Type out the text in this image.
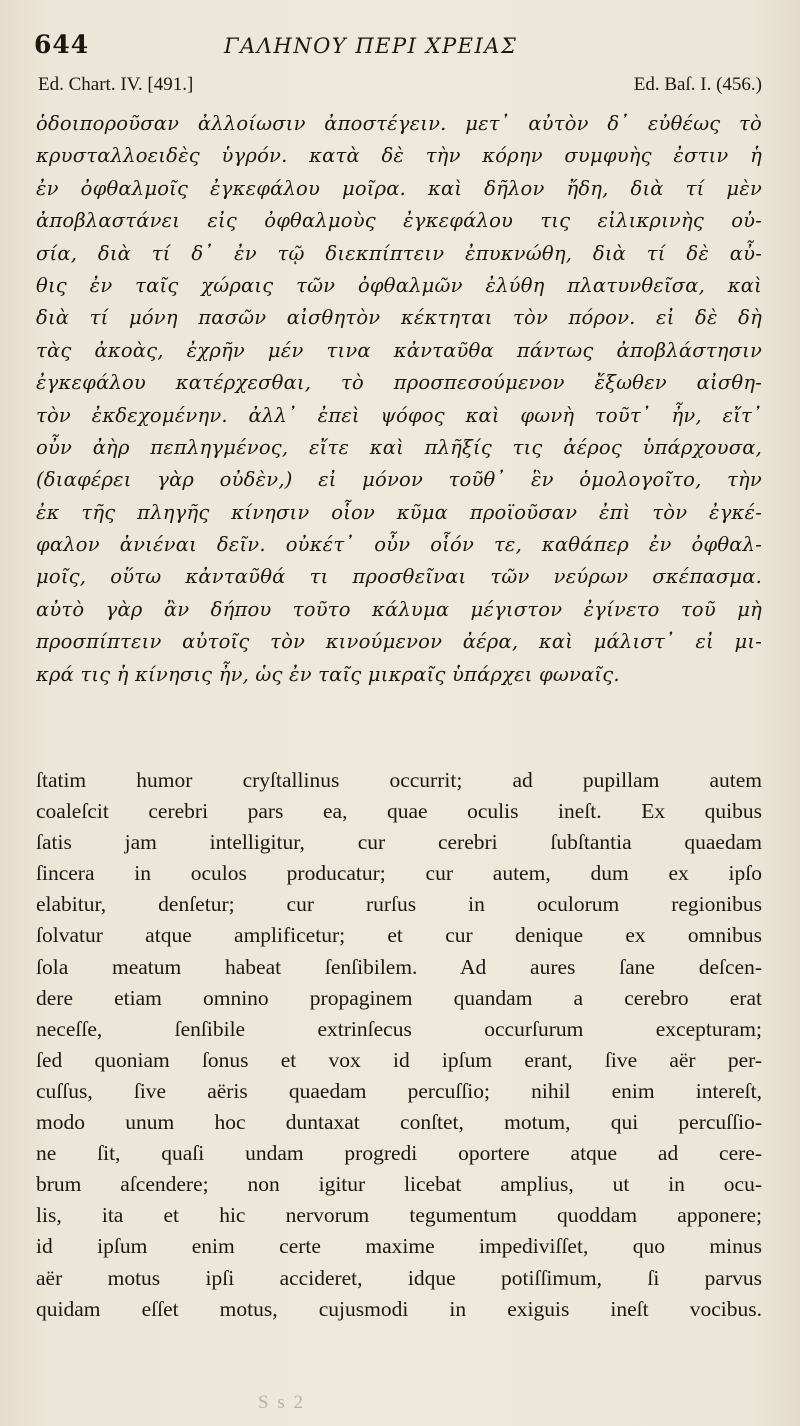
644	ΓΑΛΗΝΟΥ ΠΕΡΙ ΧΡΕΙΑΣ
Ed. Chart. IV. [491.]	Ed. Baſ. I. (456.)
ὁδοιποροῦσαν ἀλλοίωσιν ἀποστέγειν. μετ᾿ αὐτὸν δ᾿ εὐθέως τὸ
κρυσταλλοειδὲς ὑγρόν. κατὰ δὲ τὴν κόρην συμφυὴς ἐστιν ἡ
ἐν ὀφθαλμοῖς ἐγκεφάλου μοῖρα. καὶ δῆλον ἤδη, διὰ τί μὲν
ἀποβλαστάνει εἰς ὀφθαλμοὺς ἐγκεφάλου τις εἰλικρινὴς οὐ-
σία, διὰ τί δ᾿ ἐν τῷ διεκπίπτειν ἐπυκνώθη, διὰ τί δὲ αὖ-
θις ἐν ταῖς χώραις τῶν ὀφθαλμῶν ἐλύθη πλατυνθεῖσα, καὶ
διὰ τί μόνη πασῶν αἰσθητὸν κέκτηται τὸν πόρον. εἰ δὲ δὴ
τὰς ἀκοὰς, ἐχρῆν μέν τινα κἀνταῦθα πάντως ἀποβλάστησιν
ἐγκεφάλου κατέρχεσθαι, τὸ προσπεσούμενον ἔξωθεν αἰσθη-
τὸν ἐκδεχομένην. ἀλλ᾿ ἐπεὶ ψόφος καὶ φωνὴ τοῦτ᾿ ἦν, εἴτ᾿
οὖν ἀὴρ πεπληγμένος, εἴτε καὶ πλῆξίς τις ἀέρος ὑπάρχουσα,
(διαφέρει γὰρ οὐδὲν,) εἰ μόνον τοῦθ᾿ ἓν ὁμολογοῖτο, τὴν
ἐκ τῆς πληγῆς κίνησιν οἷον κῦμα προϊοῦσαν ἐπὶ τὸν ἐγκέ-
φαλον ἀνιέναι δεῖν. οὐκέτ᾿ οὖν οἷόν τε, καθάπερ ἐν ὀφθαλ-
μοῖς, οὕτω κἀνταῦθά τι προσθεῖναι τῶν νεύρων σκέπασμα.
αὐτὸ γὰρ ἂν δήπου τοῦτο κάλυμα μέγιστον ἐγίνετο τοῦ μὴ
προσπίπτειν αὐτοῖς τὸν κινούμενον ἀέρα, καὶ μάλιστ᾿ εἰ μι-
κρά τις ἡ κίνησις ἦν, ὡς ἐν ταῖς μικραῖς ὑπάρχει φωναῖς.
ſtatim humor cryſtallinus occurrit; ad pupillam autem
coaleſcit cerebri pars ea, quae oculis ineſt. Ex quibus
ſatis jam intelligitur, cur cerebri ſubſtantia quaedam
ſincera in oculos producatur; cur autem, dum ex ipſo
elabitur, denſetur; cur rurſus in oculorum regionibus
ſolvatur atque amplificetur; et cur denique ex omnibus
ſola meatum habeat ſenſibilem. Ad aures ſane deſcen-
dere etiam omnino propaginem quandam a cerebro erat
neceſſe, ſenſibile extrinſecus occurſurum excepturam;
ſed quoniam ſonus et vox id ipſum erant, ſive aër per-
cuſſus, ſive aëris quaedam percuſſio; nihil enim intereſt,
modo unum hoc duntaxat conſtet, motum, qui percuſſio-
ne ſit, quaſi undam progredi oportere atque ad cere-
brum aſcendere; non igitur licebat amplius, ut in ocu-
lis, ita et hic nervorum tegumentum quoddam apponere;
id ipſum enim certe maxime impediviſſet, quo minus
aër motus ipſi accideret, idque potiſſimum, ſi parvus
quidam eſſet motus, cujusmodi in exiguis ineſt vocibus.
S s 2
